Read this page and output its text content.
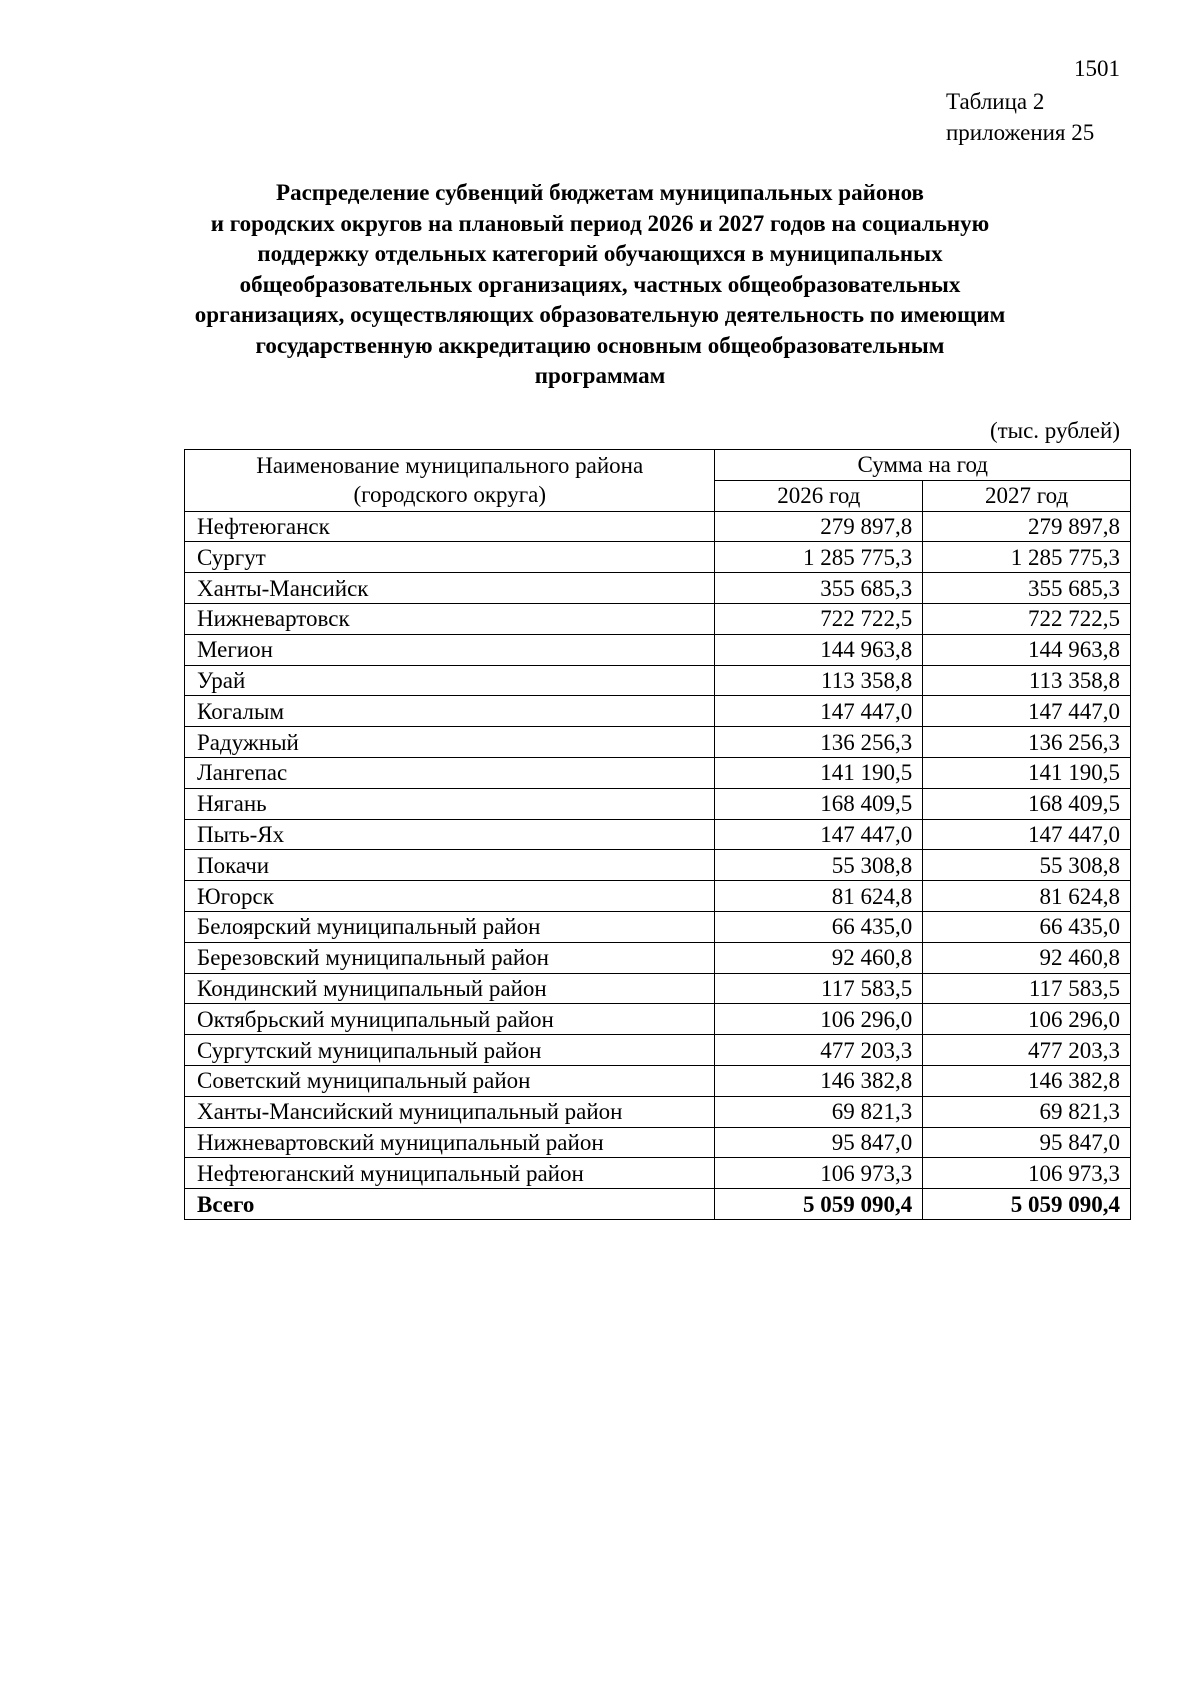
1501
Таблица 2
приложения 25
Распределение субвенций бюджетам муниципальных районов
и городских округов на плановый период 2026 и 2027 годов на социальную
поддержку отдельных категорий обучающихся в муниципальных
общеобразовательных организациях, частных общеобразовательных
организациях, осуществляющих образовательную деятельность по имеющим
государственную аккредитацию основным общеобразовательным
программам
(тыс. рублей)
Наименование муниципального района
(городского округа)	Сумма на год	
	2026 год	2027 год
Нефтеюганск	279 897,8	279 897,8
Сургут	1 285 775,3	1 285 775,3
Ханты-Мансийск	355 685,3	355 685,3
Нижневартовск	722 722,5	722 722,5
Мегион	144 963,8	144 963,8
Урай	113 358,8	113 358,8
Когалым	147 447,0	147 447,0
Радужный	136 256,3	136 256,3
Лангепас	141 190,5	141 190,5
Нягань	168 409,5	168 409,5
Пыть-Ях	147 447,0	147 447,0
Покачи	55 308,8	55 308,8
Югорск	81 624,8	81 624,8
Белоярский муниципальный район	66 435,0	66 435,0
Березовский муниципальный район	92 460,8	92 460,8
Кондинский муниципальный район	117 583,5	117 583,5
Октябрьский муниципальный район	106 296,0	106 296,0
Сургутский муниципальный район	477 203,3	477 203,3
Советский муниципальный район	146 382,8	146 382,8
Ханты-Мансийский муниципальный район	69 821,3	69 821,3
Нижневартовский муниципальный район	95 847,0	95 847,0
Нефтеюганский муниципальный район	106 973,3	106 973,3
Всего	5 059 090,4	5 059 090,4
